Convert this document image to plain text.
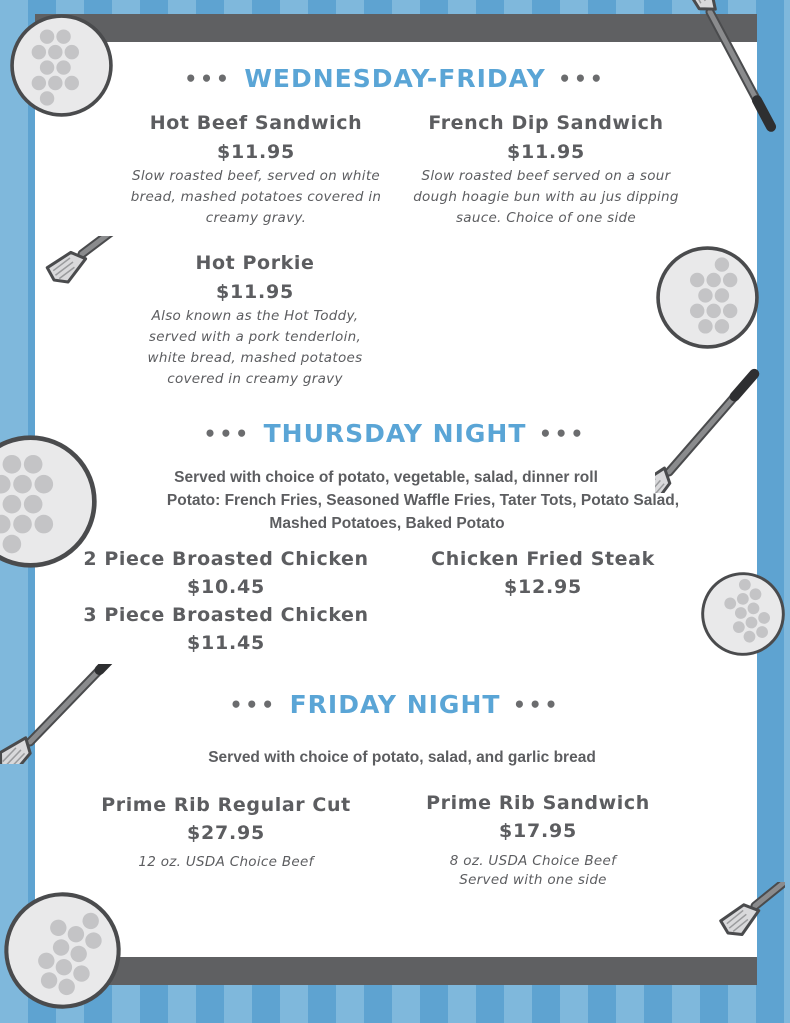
••• WEDNESDAY-FRIDAY •••
Hot Beef Sandwich
$11.95
Slow roasted beef, served on white
bread, mashed potatoes covered in
creamy gravy.
French Dip Sandwich
$11.95
Slow roasted beef served on a sour
dough hoagie bun with au jus dipping
sauce. Choice of one side
Hot Porkie
$11.95
Also known as the Hot Toddy,
served with a pork tenderloin,
white bread, mashed potatoes
covered in creamy gravy
••• THURSDAY NIGHT •••
Served with choice of potato, vegetable, salad, dinner roll
Potato: French Fries, Seasoned Waffle Fries, Tater Tots, Potato Salad,
Mashed Potatoes, Baked Potato
2 Piece Broasted Chicken
$10.45
3 Piece Broasted Chicken
$11.45
Chicken Fried Steak
$12.95
••• FRIDAY NIGHT •••
Served with choice of potato, salad, and garlic bread
Prime Rib Regular Cut
$27.95
12 oz. USDA Choice Beef
Prime Rib Sandwich
$17.95
8 oz. USDA Choice Beef
Served with one side
